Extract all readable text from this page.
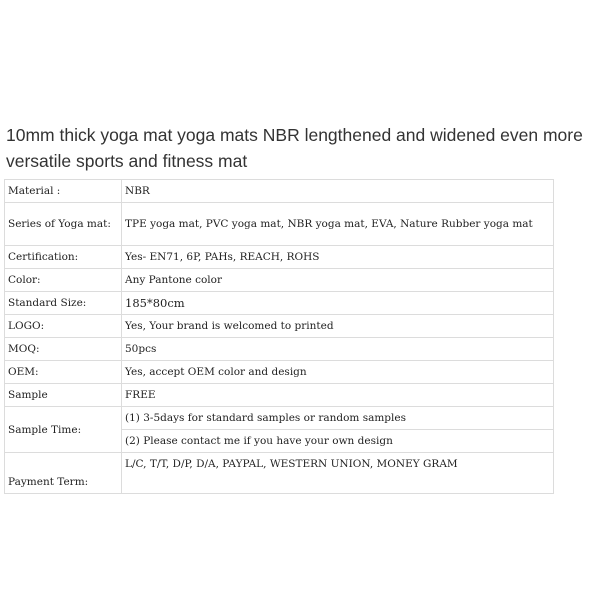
10mm thick yoga mat yoga mats NBR lengthened and widened even more versatile sports and fitness mat
Material :	NBR
Series of Yoga mat:	TPE yoga mat, PVC yoga mat, NBR yoga mat, EVA, Nature Rubber yoga mat
Certification:	Yes- EN71, 6P, PAHs, REACH, ROHS
Color:	Any Pantone color
Standard Size:	185*80cm
LOGO:	Yes, Your brand is welcomed to printed
MOQ:	50pcs
OEM:	Yes, accept OEM color and design
Sample	FREE
Sample Time:	(1) 3-5days for standard samples or random samples
	(2) Please contact me if you have your own design
Payment Term:	L/C, T/T, D/P, D/A, PAYPAL, WESTERN UNION, MONEY GRAM
